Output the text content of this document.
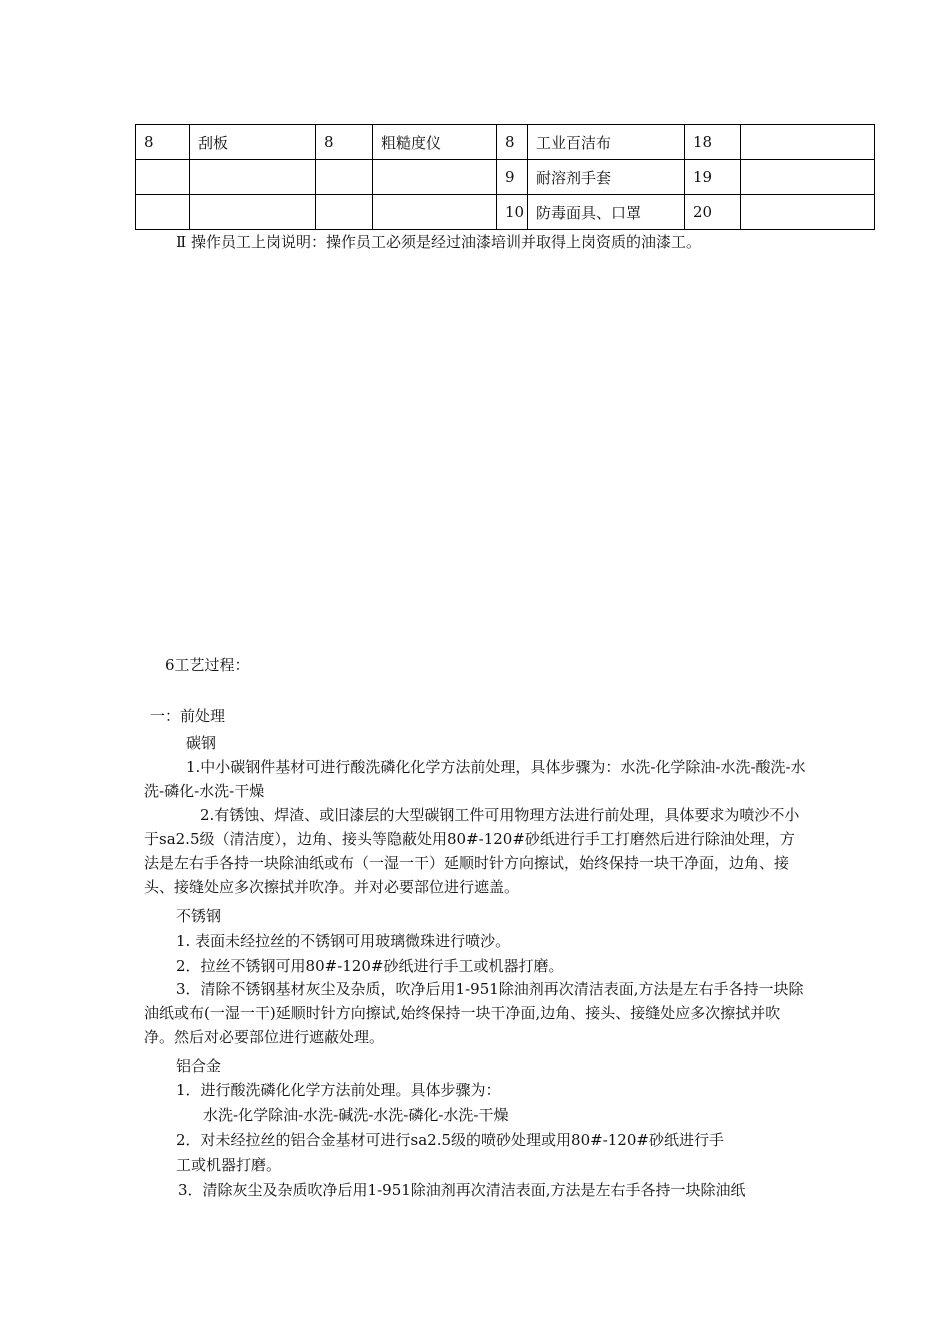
8	刮板	8	粗糙度仪	8	工业百洁布	18	
				9	耐溶剂手套	19	
				10	防毒面具、口罩	20	
Ⅱ 操作员工上岗说明：操作员工必须是经过油漆培训并取得上岗资质的油漆工。
6工艺过程：
一：前处理
碳钢
1.中小碳钢件基材可进行酸洗磷化化学方法前处理，具体步骤为：水洗-化学除油-水洗-酸洗-水洗-磷化-水洗-干燥
2.有锈蚀、焊渣、或旧漆层的大型碳钢工件可用物理方法进行前处理，具体要求为喷沙不小于sa2.5级（清洁度），边角、接头等隐蔽处用80#-120#砂纸进行手工打磨然后进行除油处理，方法是左右手各持一块除油纸或布（一湿一干）延顺时针方向擦试，始终保持一块干净面，边角、接头、接缝处应多次擦拭并吹净。并对必要部位进行遮盖。
不锈钢
1. 表面未经拉丝的不锈钢可用玻璃微珠进行喷沙。
2．拉丝不锈钢可用80#-120#砂纸进行手工或机器打磨。
3．清除不锈钢基材灰尘及杂质，吹净后用1-951除油剂再次清洁表面,方法是左右手各持一块除油纸或布(一湿一干)延顺时针方向擦试,始终保持一块干净面,边角、接头、接缝处应多次擦拭并吹净。然后对必要部位进行遮蔽处理。
铝合金
1．进行酸洗磷化化学方法前处理。具体步骤为：
水洗-化学除油-水洗-碱洗-水洗-磷化-水洗-干燥
2．对未经拉丝的铝合金基材可进行sa2.5级的喷砂处理或用80#-120#砂纸进行手
工或机器打磨。
3．清除灰尘及杂质吹净后用1-951除油剂再次清洁表面,方法是左右手各持一块除油纸
